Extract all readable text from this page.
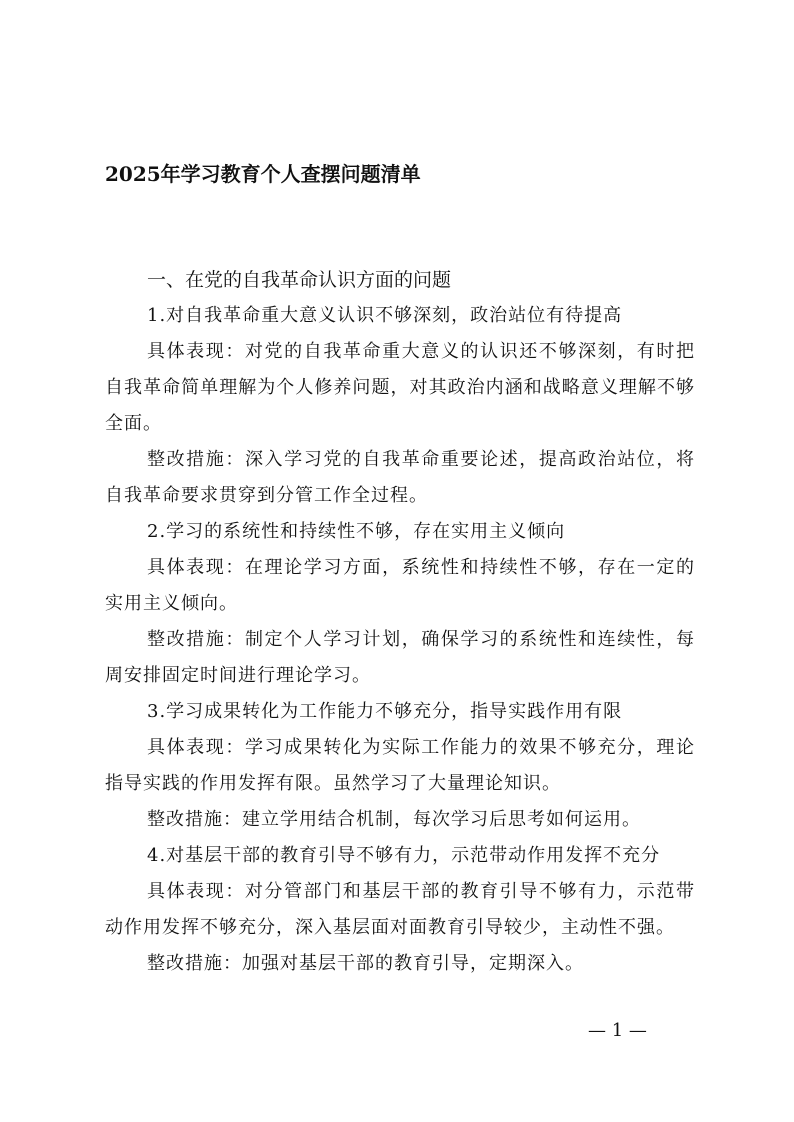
2025年学习教育个人查摆问题清单
一、在党的自我革命认识方面的问题

1.对自我革命重大意义认识不够深刻，政治站位有待提高

具体表现：对党的自我革命重大意义的认识还不够深刻，有时把自我革命简单理解为个人修养问题，对其政治内涵和战略意义理解不够全面。

整改措施：深入学习党的自我革命重要论述，提高政治站位，将自我革命要求贯穿到分管工作全过程。

2.学习的系统性和持续性不够，存在实用主义倾向

具体表现：在理论学习方面，系统性和持续性不够，存在一定的实用主义倾向。

整改措施：制定个人学习计划，确保学习的系统性和连续性，每周安排固定时间进行理论学习。

3.学习成果转化为工作能力不够充分，指导实践作用有限

具体表现：学习成果转化为实际工作能力的效果不够充分，理论指导实践的作用发挥有限。虽然学习了大量理论知识。

整改措施：建立学用结合机制，每次学习后思考如何运用。

4.对基层干部的教育引导不够有力，示范带动作用发挥不充分

具体表现：对分管部门和基层干部的教育引导不够有力，示范带动作用发挥不够充分，深入基层面对面教育引导较少，主动性不强。

整改措施：加强对基层干部的教育引导，定期深入。

— 1 —
